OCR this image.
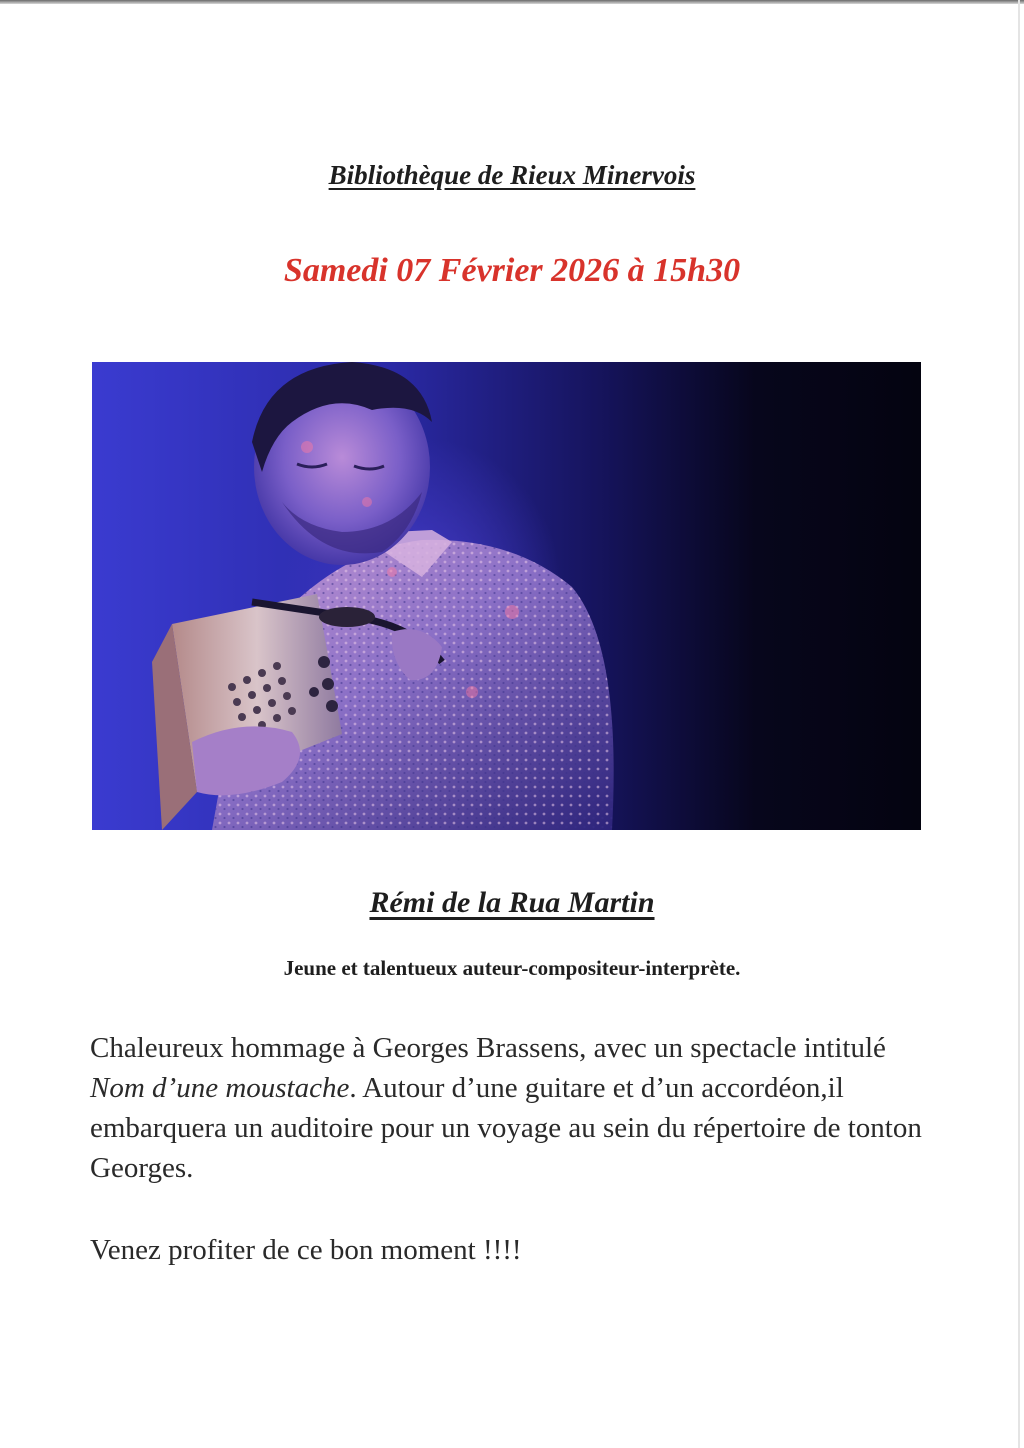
Bibliothèque de Rieux Minervois
Samedi 07 Février 2026 à 15h30
Rémi de la Rua Martin
Jeune et talentueux auteur-compositeur-interprète.

Chaleureux hommage à Georges Brassens, avec un spectacle intitulé Nom d’une moustache. Autour d’une guitare et d’un accordéon,il embarquera un auditoire pour un voyage au sein du répertoire de tonton Georges.

Venez profiter de ce bon moment !!!!
